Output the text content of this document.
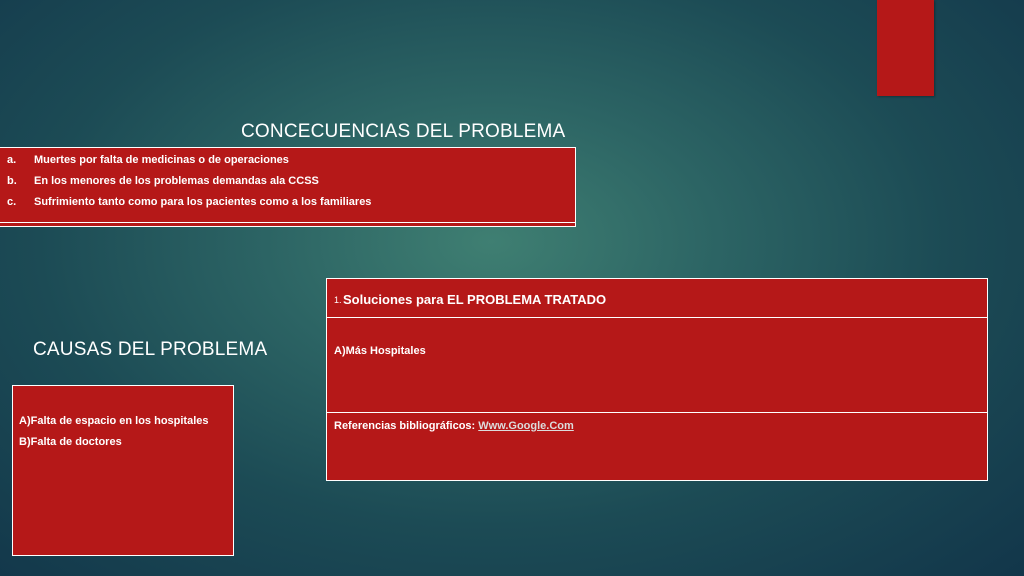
CONCECUENCIAS DEL PROBLEMA
a. Muertes por falta de medicinas o de operaciones
b. En los menores de los problemas demandas ala CCSS
c. Sufrimiento tanto como para los pacientes como a los familiares
CAUSAS DEL PROBLEMA
A)Falta de espacio en los hospitales
B)Falta de doctores
1. Soluciones para EL PROBLEMA TRATADO
A)Más Hospitales
Referencias bibliográficos: Www.Google.Com
